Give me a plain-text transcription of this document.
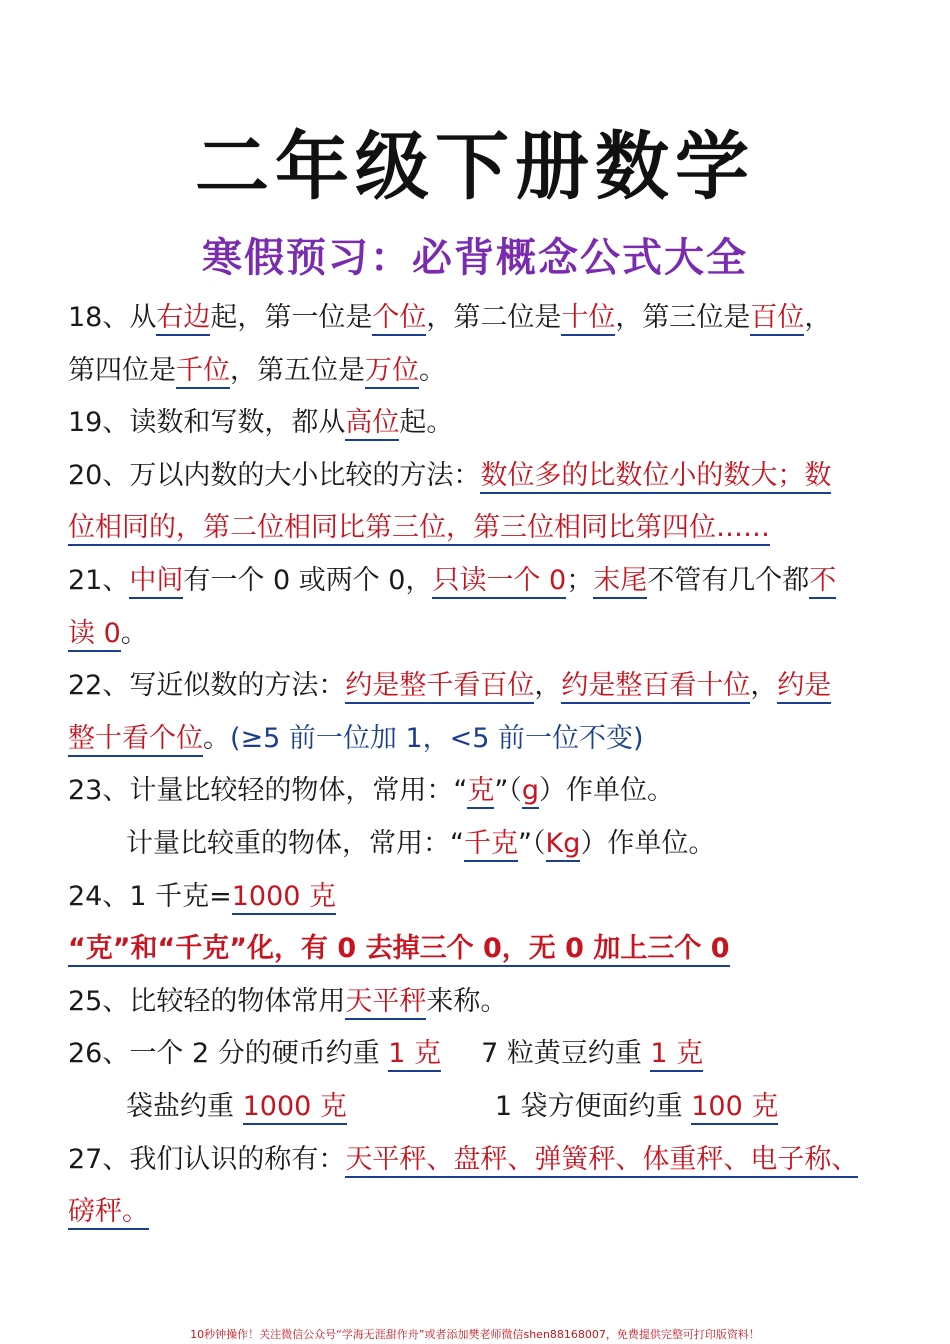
二年级下册数学
寒假预习：必背概念公式大全
18、从右边起，第一位是个位，第二位是十位，第三位是百位，
第四位是千位，第五位是万位。
19、读数和写数，都从高位起。
20、万以内数的大小比较的方法：数位多的比数位小的数大；数
位相同的，第二位相同比第三位，第三位相同比第四位……
21、中间有一个 0 或两个 0，只读一个 0；末尾不管有几个都不
读 0。
22、写近似数的方法：约是整千看百位，约是整百看十位，约是
整十看个位。(≥5 前一位加 1，<5 前一位不变)
23、计量比较轻的物体，常用：“克”（g）作单位。
计量比较重的物体，常用：“千克”（Kg）作单位。
24、1 千克=1000 克
“克”和“千克”化，有 0 去掉三个 0，无 0 加上三个 0
25、比较轻的物体常用天平秤来称。
26、一个 2 分的硬币约重 1 克 7 粒黄豆约重 1 克
袋盐约重 1000 克	1 袋方便面约重 100 克
27、我们认识的称有：天平秤、盘秤、弹簧秤、体重秤、电子称、
磅秤。
10秒钟操作！关注微信公众号“学海无涯甜作舟”或者添加樊老师微信shen88168007，免费提供完整可打印版资料！
